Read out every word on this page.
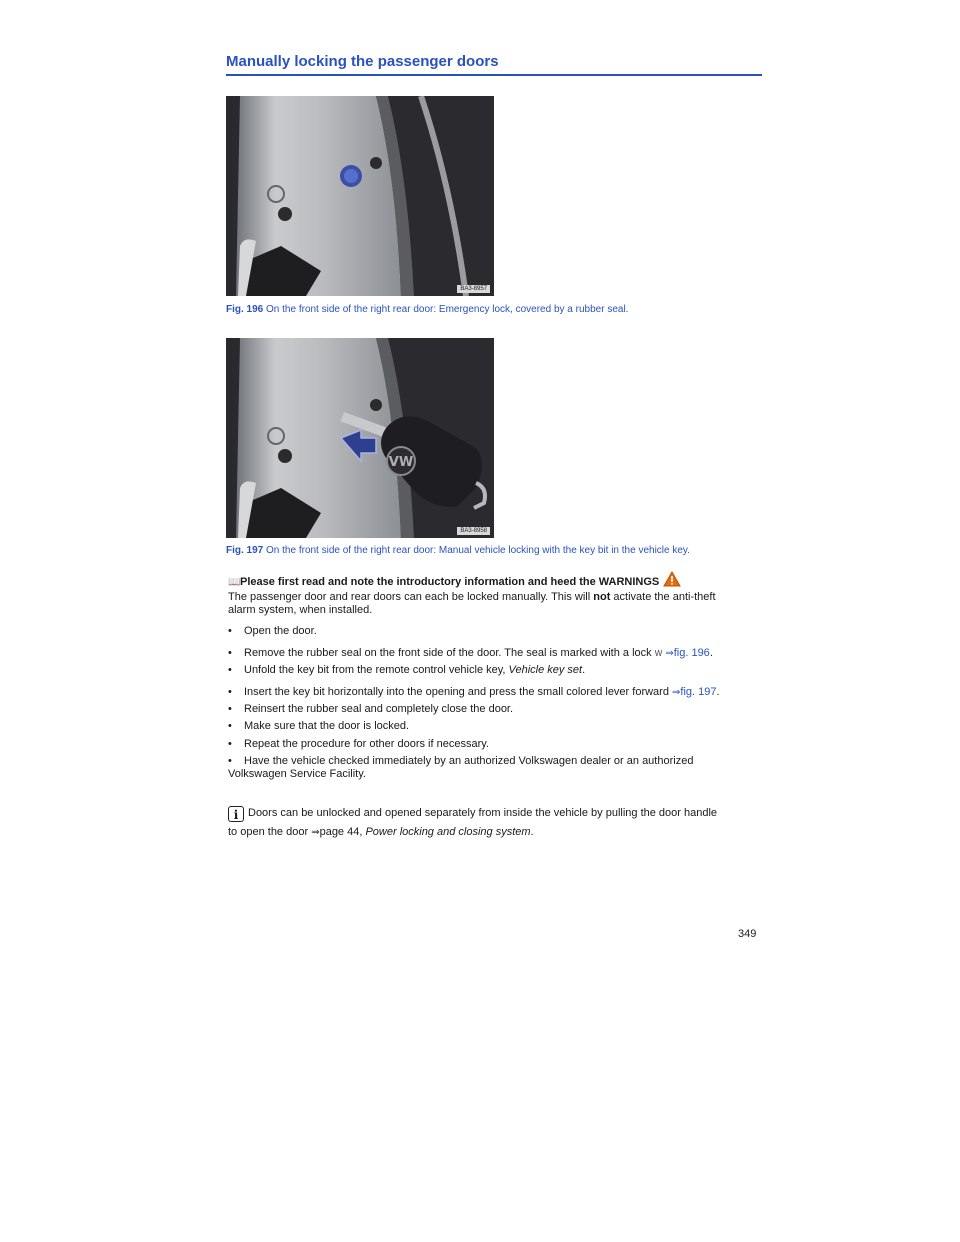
Manually locking the passenger doors
BA3-8957
Fig. 196 On the front side of the right rear door: Emergency lock, covered by a rubber seal.
VW
BA3-8958
Fig. 197 On the front side of the right rear door: Manual vehicle locking with the key bit in the vehicle key.
📖Please first read and note the introductory information and heed the WARNINGS
The passenger door and rear doors can each be locked manually. This will not activate the anti-theft
alarm system, when installed.
• Open the door.
• Remove the rubber seal on the front side of the door. The seal is marked with a lock W ⇒fig. 196.
• Unfold the key bit from the remote control vehicle key, Vehicle key set.
• Insert the key bit horizontally into the opening and press the small colored lever forward ⇒fig. 197.
• Reinsert the rubber seal and completely close the door.
• Make sure that the door is locked.
• Repeat the procedure for other doors if necessary.
• Have the vehicle checked immediately by an authorized Volkswagen dealer or an authorized
Volkswagen Service Facility.
i Doors can be unlocked and opened separately from inside the vehicle by pulling the door handle
to open the door ⇒page 44, Power locking and closing system.
349
